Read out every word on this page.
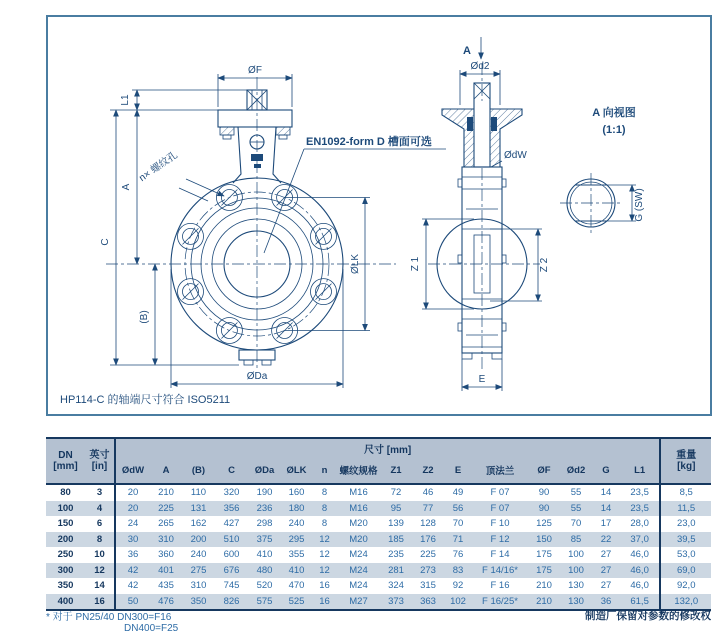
ØF
L1
A
C
(B)
ØLK
ØDa
n× 螺纹孔
EN1092-form D 槽面可选
A
Ød2
ØdW
Z 1	Z 2
E
A 向视图
(1:1)
G (SW)
HP114-C 的轴端尺寸符合 ISO5211
DN
[mm]	英寸
[in]	尺寸 [mm]																重量
[kg]
		ØdW	A	(B)	C	ØDa	ØLK	n	螺纹规格	Z1	Z2	E	顶法兰	ØF	Ød2	G	L1	
80	3	20	210	110	320	190	160	8	M16	72	46	49	F 07	90	55	14	23,5	8,5
100	4	20	225	131	356	236	180	8	M16	95	77	56	F 07	90	55	14	23,5	11,5
150	6	24	265	162	427	298	240	8	M20	139	128	70	F 10	125	70	17	28,0	23,0
200	8	30	310	200	510	375	295	12	M20	185	176	71	F 12	150	85	22	37,0	39,5
250	10	36	360	240	600	410	355	12	M24	235	225	76	F 14	175	100	27	46,0	53,0
300	12	42	401	275	676	480	410	12	M24	281	273	83	F 14/16*	175	100	27	46,0	69,0
350	14	42	435	310	745	520	470	16	M24	324	315	92	F 16	210	130	27	46,0	92,0
400	16	50	476	350	826	575	525	16	M27	373	363	102	F 16/25*	210	130	36	61,5	132,0
* 对于 PN25/40 DN300=F16
DN400=F25
制造厂保留对参数的修改权
